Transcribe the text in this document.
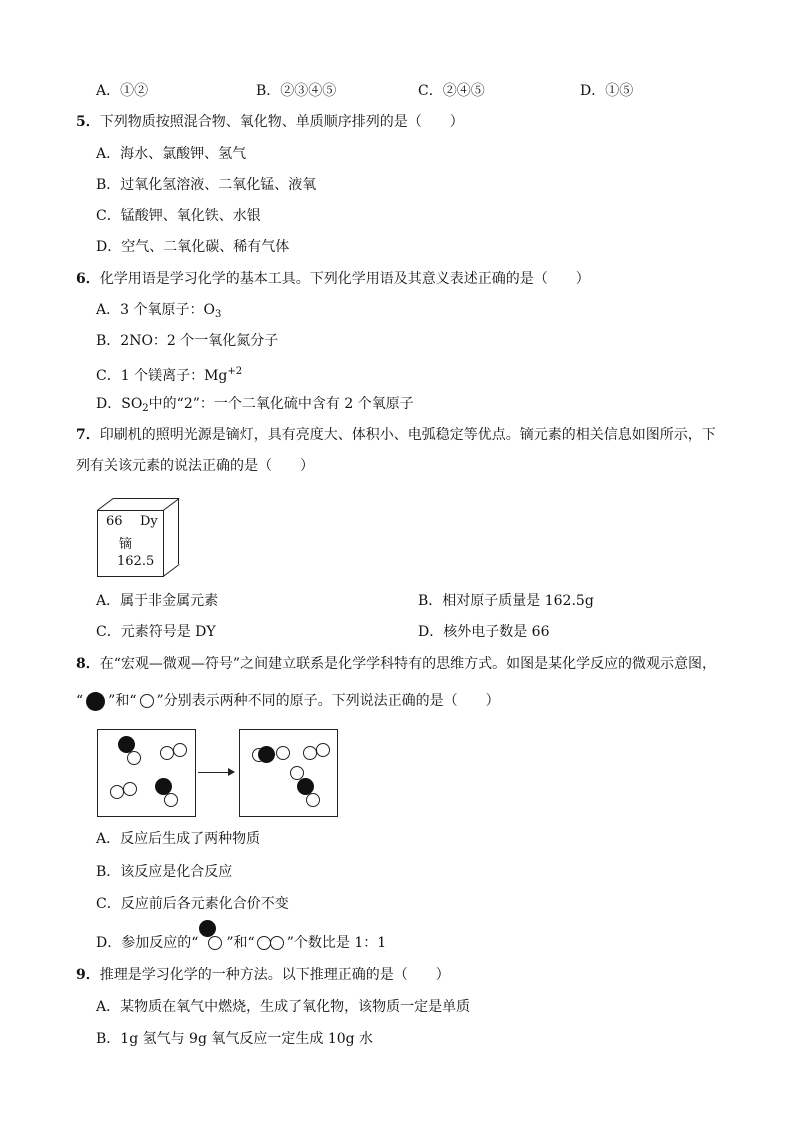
A．①②	B．②③④⑤	C．②④⑤	D．①⑤
5．下列物质按照混合物、氧化物、单质顺序排列的是（　　）
A．海水、氯酸钾、氢气
B．过氧化氢溶液、二氧化锰、液氧
C．锰酸钾、氧化铁、水银
D．空气、二氧化碳、稀有气体
6．化学用语是学习化学的基本工具。下列化学用语及其意义表述正确的是（　　）
A．3 个氧原子：$O_3$
B．2NO：2 个一氧化氮分子
C．1 个镁离子：$Mg^{+2}$
D．$SO_2$中的“2”：一个二氧化硫中含有 2 个氧原子
7．印刷机的照明光源是镝灯，具有亮度大、体积小、电弧稳定等优点。镝元素的相关信息如图所示，下
列有关该元素的说法正确的是（　　）
66 Dy
镝
162.5
A．属于非金属元素	B．相对原子质量是 162.5g
C．元素符号是 DY	D．核外电子数是 66
8．在“宏观—微观—符号”之间建立联系是化学学科特有的思维方式。如图是某化学反应的微观示意图，
“ ”和“ ”分别表示两种不同的原子。下列说法正确的是（　　）
A．反应后生成了两种物质
B．该反应是化合反应
C．反应前后各元素化合价不变
D．参加反应的“ ”和“ ”个数比是 1：1
9．推理是学习化学的一种方法。以下推理正确的是（　　）
A．某物质在氧气中燃烧，生成了氧化物，该物质一定是单质
B．1g 氢气与 9g 氧气反应一定生成 10g 水
